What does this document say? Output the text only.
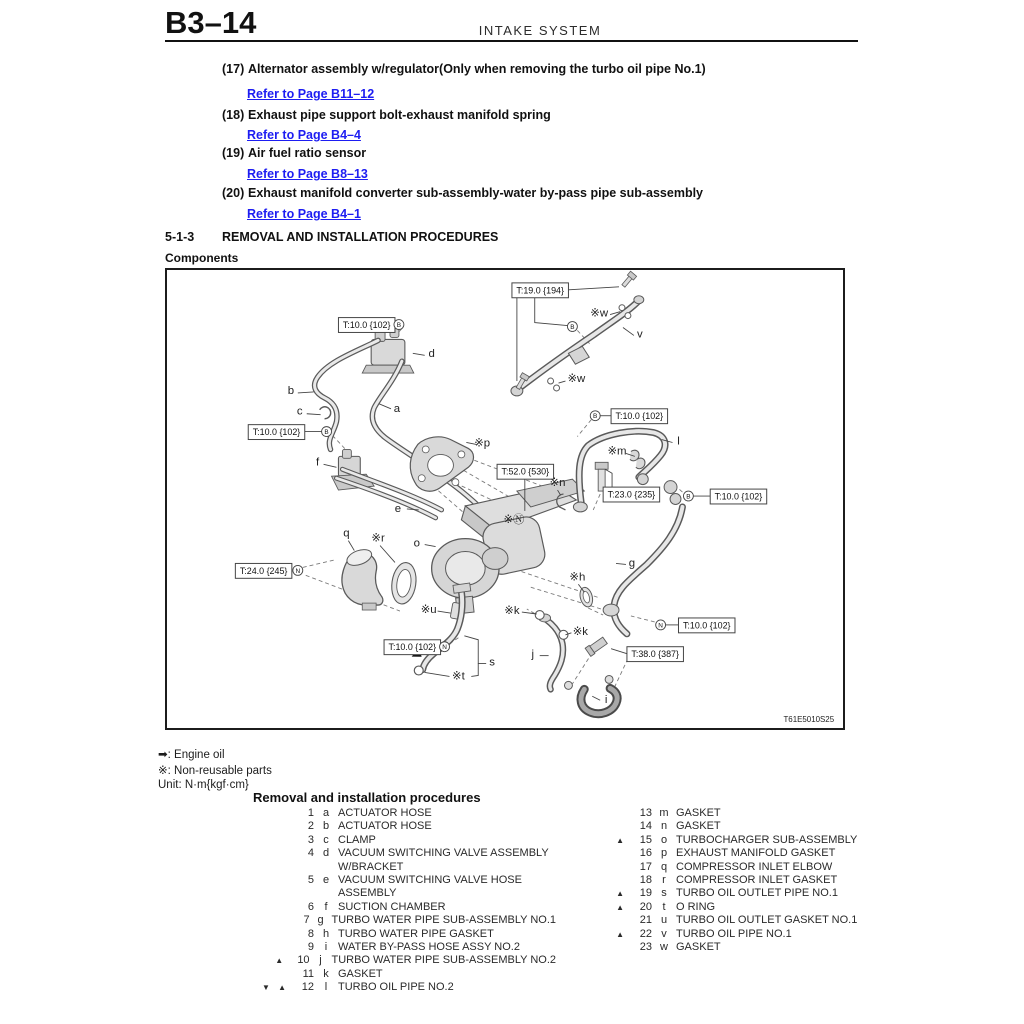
B3–14	INTAKE SYSTEM
(17) Alternator assembly w/regulator(Only when removing the turbo oil pipe No.1)
Refer to Page B11–12
(18) Exhaust pipe support bolt-exhaust manifold spring
Refer to Page B4–4
(19) Air fuel ratio sensor
Refer to Page B8–13
(20) Exhaust manifold converter sub-assembly-water by-pass pipe sub-assembly
Refer to Page B4–1
5-1-3 REMOVAL AND INSTALLATION PROCEDURES
Components
T:19.0 {194}
T:10.0 {102}
T:10.0 {102}
T:10.0 {102}
T:52.0 {530}
T:23.0 {235}	T:10.0 {102}
T:24.0 {245}
T:10.0 {102}
T:38.0 {387}
T:10.0 {102}
B	B
B
B
B
N
N
N
d
b
c	a
f
v
※w
※w
※p
※m
※n
l
e
※Ⓝ
q ※r	o
g
※h
※u	※k
※k
j
s
※t
i
T61E5010S25
➡: Engine oil
※: Non-reusable parts
Unit: N·m{kgf·cm}
Removal and installation procedures
1 a ACTUATOR HOSE
2 b ACTUATOR HOSE
3 c CLAMP
4 d VACUUM SWITCHING VALVE ASSEMBLY
W/BRACKET
5 e VACUUM SWITCHING VALVE HOSE
ASSEMBLY
6 f SUCTION CHAMBER
7 g TURBO WATER PIPE SUB-ASSEMBLY NO.1
8 h TURBO WATER PIPE GASKET
9 i WATER BY-PASS HOSE ASSY NO.2
▲	10 j TURBO WATER PIPE SUB-ASSEMBLY NO.2
11 k GASKET
▼ ▲	12 l TURBO OIL PIPE NO.2
13 m GASKET
14 n GASKET
▲	15 o TURBOCHARGER SUB-ASSEMBLY
16 p EXHAUST MANIFOLD GASKET
17 q COMPRESSOR INLET ELBOW
18 r COMPRESSOR INLET GASKET
▲	19 s TURBO OIL OUTLET PIPE NO.1
▲	20 t O RING
21 u TURBO OIL OUTLET GASKET NO.1
▲	22 v TURBO OIL PIPE NO.1
23 w GASKET
